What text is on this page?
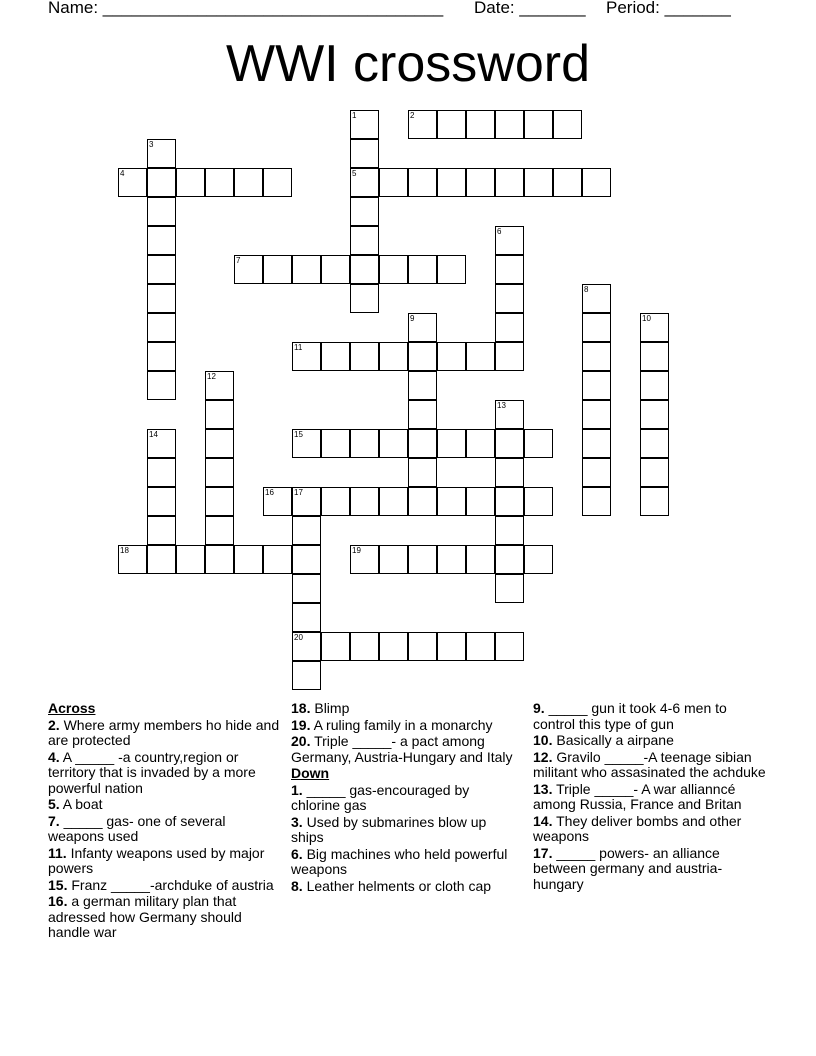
Name: ____________________________________ Date: _______ Period: _______
WWI crossword
1
5
2
3
4
6
7
8
9	10
11
12
13
14	15
16	17
20
18	19
Across
2. Where army members ho hide and are protected
4. A _____ -a country,region or territory that is invaded by a more powerful nation
5. A boat
7. _____ gas- one of several weapons used
11. Infanty weapons used by major powers
15. Franz _____-archduke of austria
16. a german military plan that adressed how Germany should handle war
18. Blimp
19. A ruling family in a monarchy
20. Triple _____- a pact among Germany, Austria-Hungary and Italy
Down
1. _____ gas-encouraged by chlorine gas
3. Used by submarines blow up ships
6. Big machines who held powerful weapons
8. Leather helments or cloth cap
9. _____ gun it took 4-6 men to control this type of gun
10. Basically a airpane
12. Gravilo _____-A teenage sibian militant who assasinated the achduke
13. Triple _____- A war allianncé among Russia, France and Britan
14. They deliver bombs and other weapons
17. _____ powers- an alliance between germany and austria-hungary
